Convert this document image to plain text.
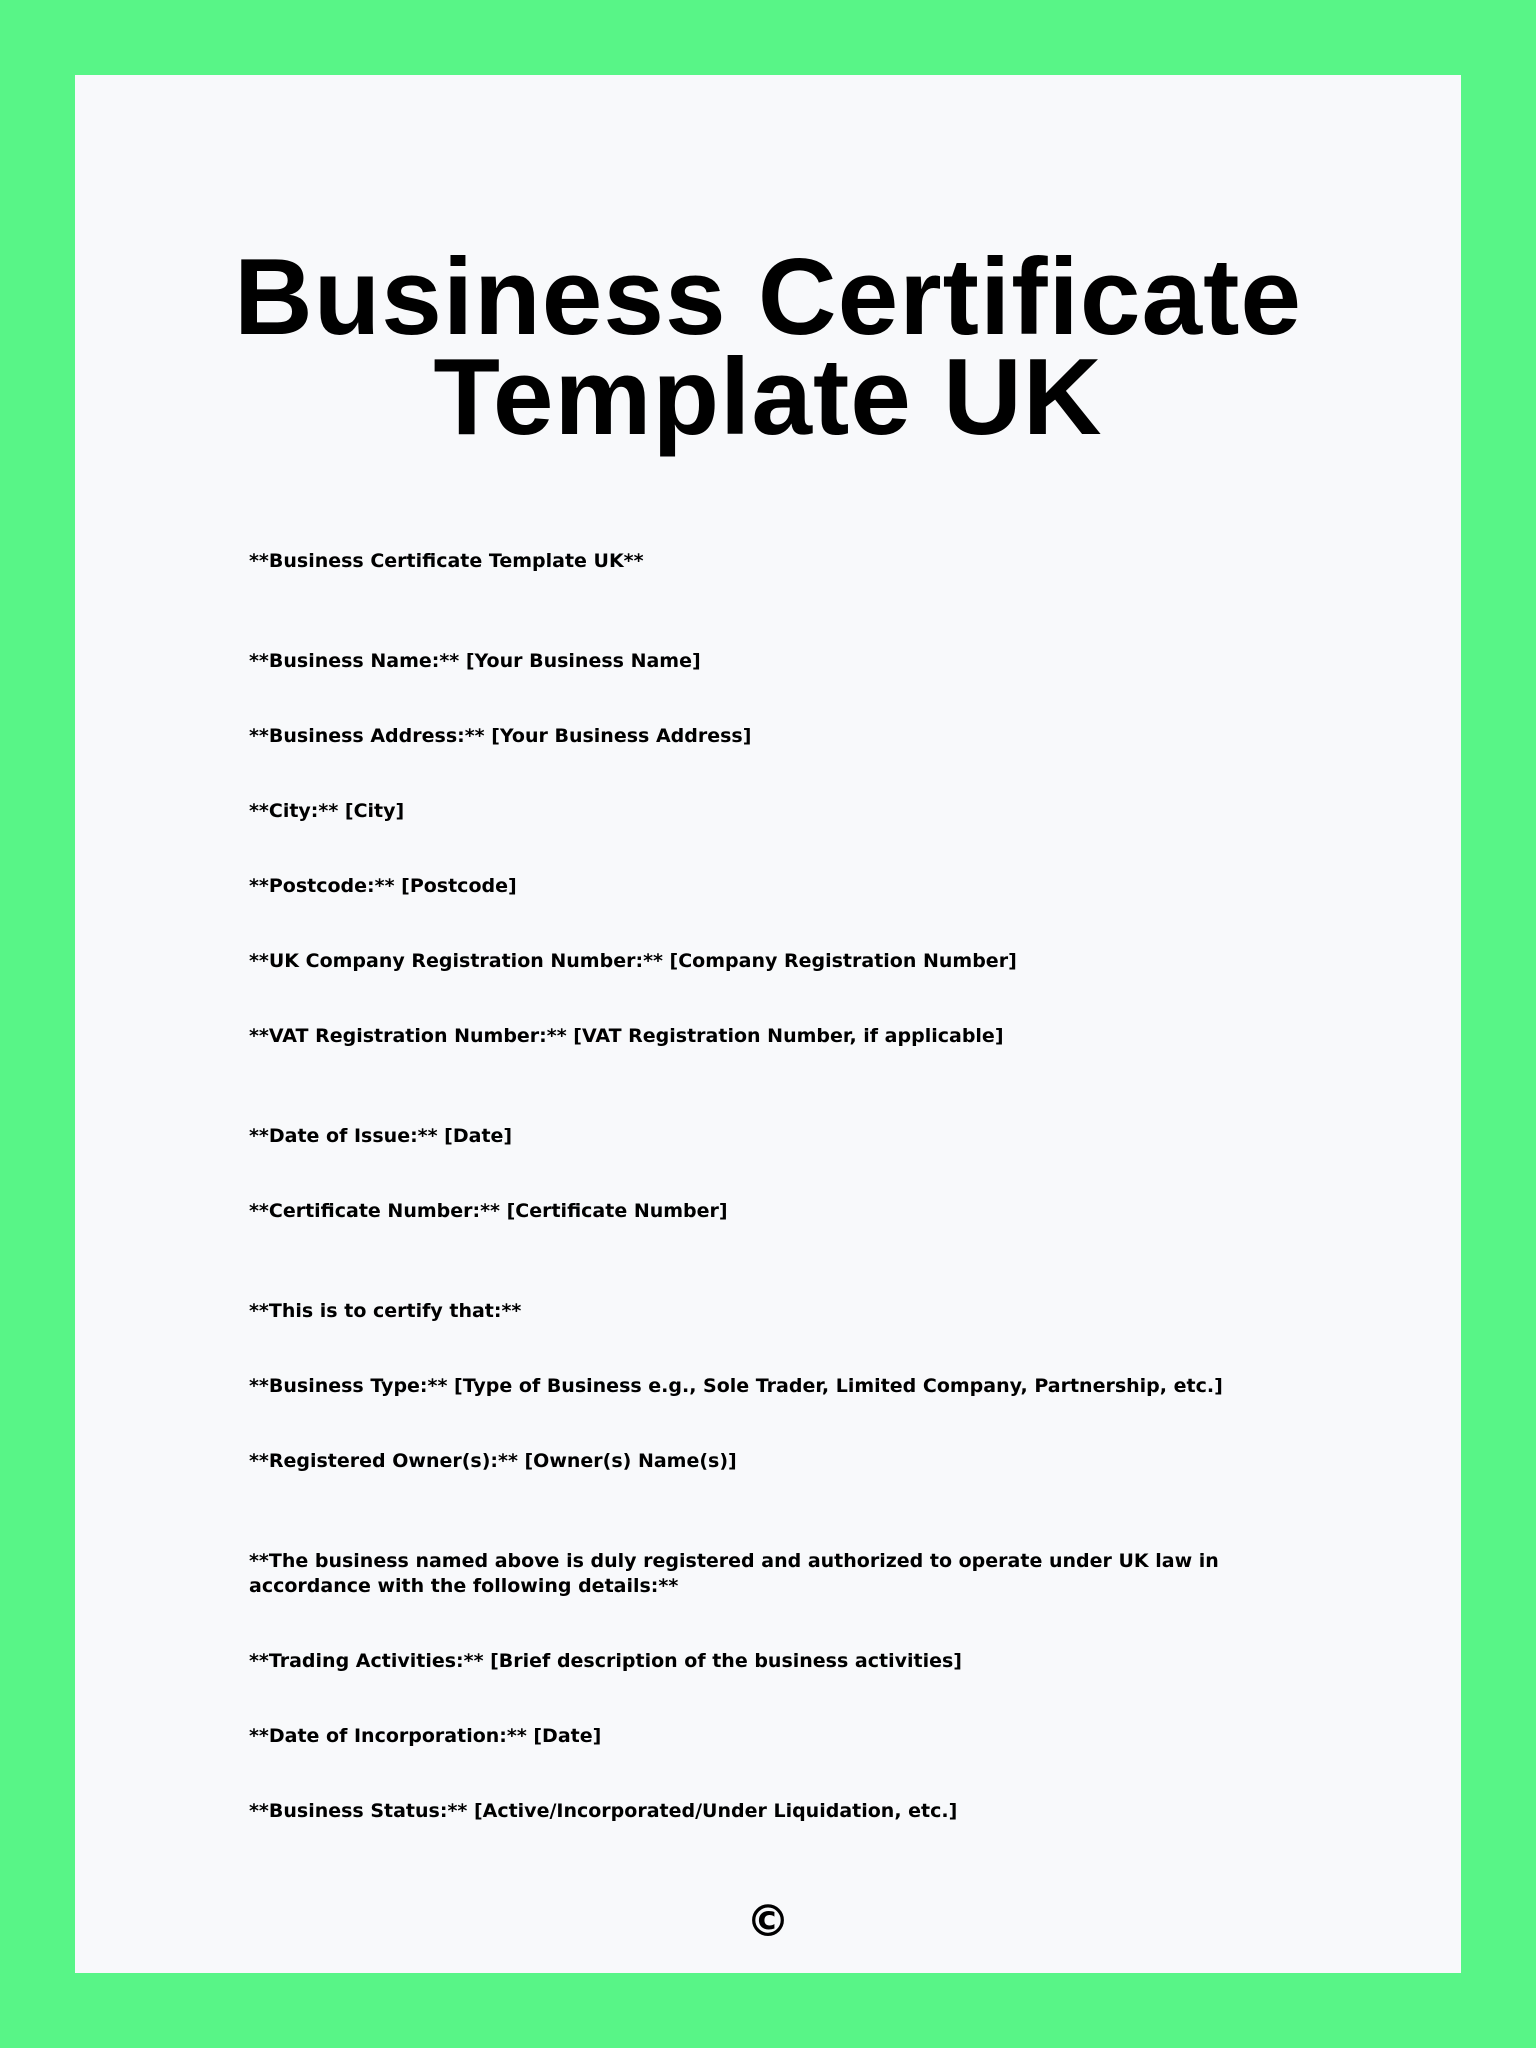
Business Certificate Template UK

**Business Certificate Template UK**

**Business Name:** [Your Business Name]

**Business Address:** [Your Business Address]

**City:** [City]

**Postcode:** [Postcode]

**UK Company Registration Number:** [Company Registration Number]

**VAT Registration Number:** [VAT Registration Number, if applicable]

**Date of Issue:** [Date]

**Certificate Number:** [Certificate Number]

**This is to certify that:**

**Business Type:** [Type of Business e.g., Sole Trader, Limited Company, Partnership, etc.]

**Registered Owner(s):** [Owner(s) Name(s)]

**The business named above is duly registered and authorized to operate under UK law in accordance with the following details:**

**Trading Activities:** [Brief description of the business activities]

**Date of Incorporation:** [Date]

**Business Status:** [Active/Incorporated/Under Liquidation, etc.]

©
